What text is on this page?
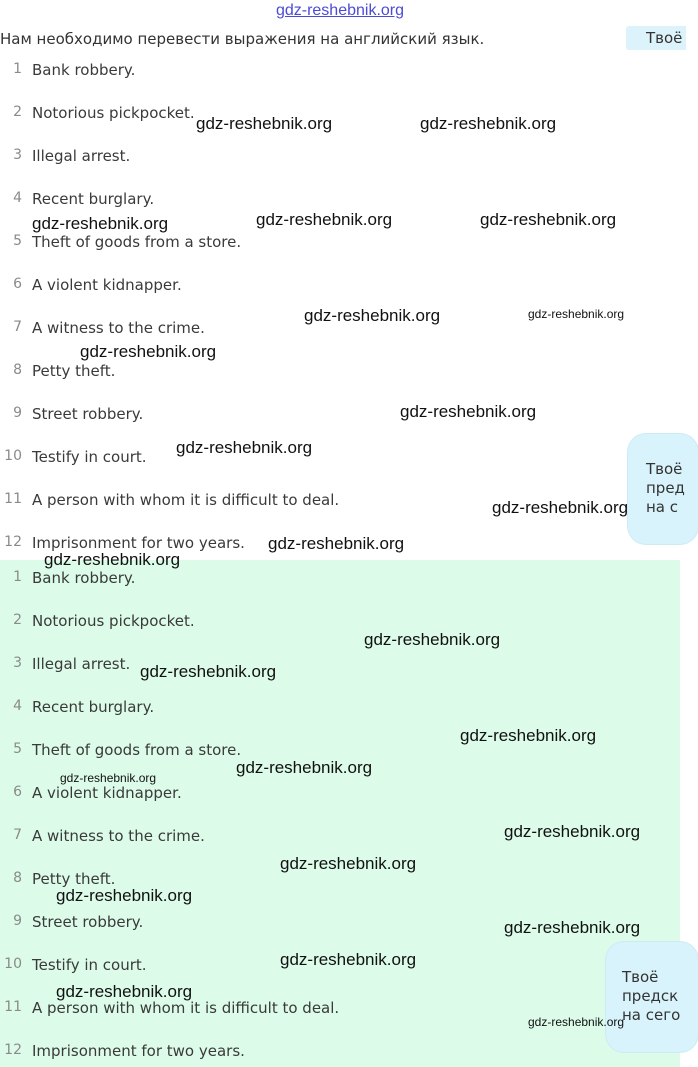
gdz-reshebnik.org
Нам необходимо перевести выражения на английский язык.	Твоё
1 Bank robbery.
2 Notorious pickpocket.
3 Illegal arrest.
4 Recent burglary.
5 Theft of goods from a store.
6 A violent kidnapper.
7 A witness to the crime.
8 Petty theft.
9 Street robbery.
10 Testify in court.
11 A person with whom it is difficult to deal.
12 Imprisonment for two years.
Твоё
пред
на с
1 Bank robbery.
2 Notorious pickpocket.
3 Illegal arrest.
4 Recent burglary.
5 Theft of goods from a store.
6 A violent kidnapper.
7 A witness to the crime.
8 Petty theft.
9 Street robbery.
10 Testify in court.
11 A person with whom it is difficult to deal.
12 Imprisonment for two years.
Твоё
предск
на сего
gdz-reshebnik.org	gdz-reshebnik.org
gdz-reshebnik.org	gdz-reshebnik.org	gdz-reshebnik.org
gdz-reshebnik.org	gdz-reshebnik.org
gdz-reshebnik.org
gdz-reshebnik.org
gdz-reshebnik.org
gdz-reshebnik.org
gdz-reshebnik.org
gdz-reshebnik.org
gdz-reshebnik.org
gdz-reshebnik.org
gdz-reshebnik.org
gdz-reshebnik.org
gdz-reshebnik.org
gdz-reshebnik.org
gdz-reshebnik.org
gdz-reshebnik.org
gdz-reshebnik.org
gdz-reshebnik.org
gdz-reshebnik.org
gdz-reshebnik.org
